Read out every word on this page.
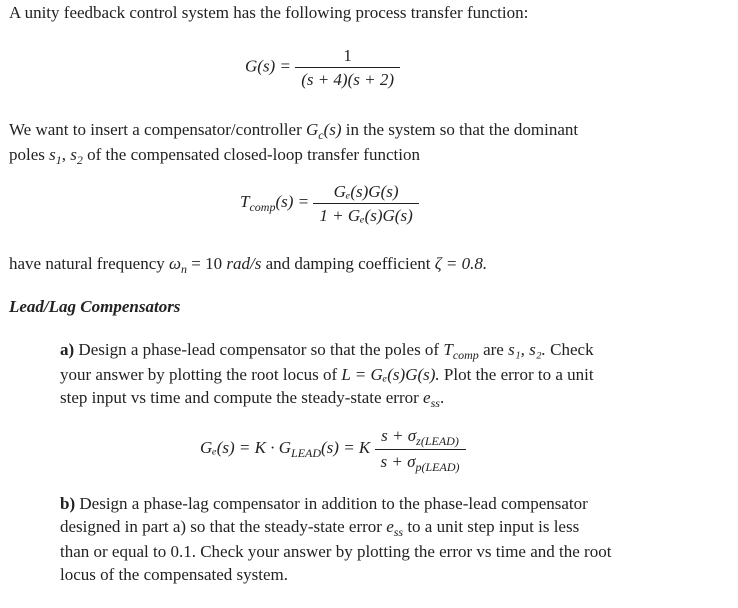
A unity feedback control system has the following process transfer function:

$G(s) = \frac{1}{(s + 4)(s + 2)}$

We want to insert a compensator/controller $G_c(s)$ in the system so that the dominant
poles $s_1$, $s_2$ of the compensated closed-loop transfer function

$T_{comp}(s) = \frac{\text{Gₑ(s)G(s)}}{\text{1 + Gₑ(s)G(s)}}$

have natural frequency $\omega_n = 10$ rad/s and damping coefficient ζ = 0.8.

Lead/Lag Compensators

a) Design a phase-lead compensator so that the poles of $T_{comp}$ are s₁, s₂. Check
your answer by plotting the root locus of L = Gₑ(s)G(s). Plot the error to a unit
step input vs time and compute the steady-state error $e_{ss}$.

$G_e(s) = K \cdot G_{LEAD}(s) = K \frac{s + \sigma_{z(LEAD)}}{s + \sigma_{p(LEAD)}}$

b) Design a phase-lag compensator in addition to the phase-lead compensator
designed in part a) so that the steady-state error $e_{ss}$ to a unit step input is less
than or equal to 0.1. Check your answer by plotting the error vs time and the root
locus of the compensated system.
